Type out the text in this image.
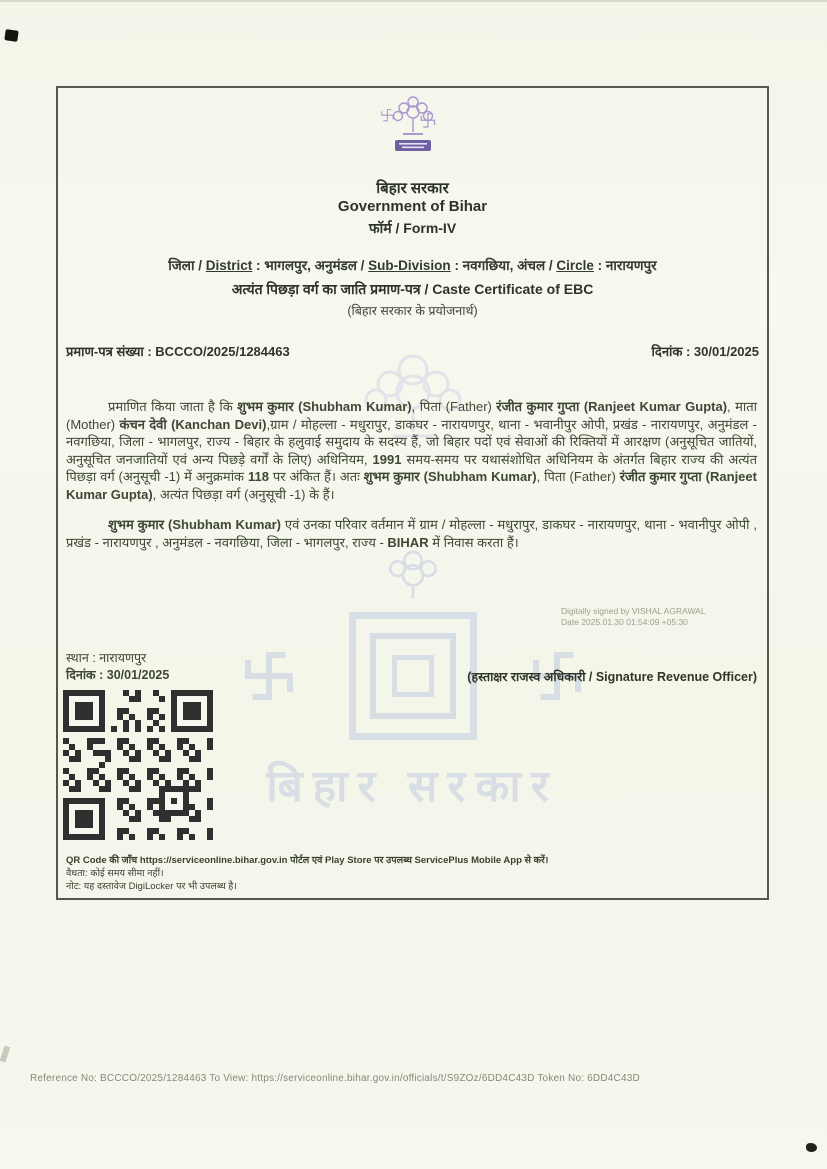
बिहार सरकार
बिहार सरकार
Government of Bihar
फॉर्म / Form-IV
जिला / District : भागलपुर, अनुमंडल / Sub-Division : नवगछिया, अंचल / Circle : नारायणपुर
अत्यंत पिछड़ा वर्ग का जाति प्रमाण-पत्र / Caste Certificate of EBC
(बिहार सरकार के प्रयोजनार्थ)
प्रमाण-पत्र संख्या : BCCCO/2025/1284463	दिनांक : 30/01/2025

प्रमाणित किया जाता है कि शुभम कुमार (Shubham Kumar), पिता (Father) रंजीत कुमार गुप्ता (Ranjeet Kumar Gupta), माता (Mother) कंचन देवी (Kanchan Devi),ग्राम / मोहल्ला - मधुरापुर, डाकघर - नारायणपुर, थाना - भवानीपुर ओपी, प्रखंड - नारायणपुर, अनुमंडल - नवगछिया, जिला - भागलपुर, राज्य - बिहार के हलुवाई समुदाय के सदस्य हैं, जो बिहार पदों एवं सेवाओं की रिक्तियों में आरक्षण (अनुसूचित जातियों, अनुसूचित जनजातियों एवं अन्य पिछड़े वर्गों के लिए) अधिनियम, 1991 समय-समय पर यथासंशोधित अधिनियम के अंतर्गत बिहार राज्य की अत्यंत पिछड़ा वर्ग (अनुसूची -1) में अनुक्रमांक 118 पर अंकित हैं। अतः शुभम कुमार (Shubham Kumar), पिता (Father) रंजीत कुमार गुप्ता (Ranjeet Kumar Gupta), अत्यंत पिछड़ा वर्ग (अनुसूची -1) के हैं।

शुभम कुमार (Shubham Kumar) एवं उनका परिवार वर्तमान में ग्राम / मोहल्ला - मधुरापुर, डाकघर - नारायणपुर, थाना - भवानीपुर ओपी , प्रखंड - नारायणपुर , अनुमंडल - नवगछिया, जिला - भागलपुर, राज्य - BIHAR में निवास करता हैं।

Digitally signed by VISHAL AGRAWAL
Date 2025.01.30 01:54:09 +05:30
स्थान : नारायणपुर
दिनांक : 30/01/2025	(हस्ताक्षर राजस्व अधिकारी / Signature Revenue Officer)
QR Code की जाँच https://serviceonline.bihar.gov.in पोर्टल एवं Play Store पर उपलब्ध ServicePlus Mobile App से करें।
वैधता: कोई समय सीमा नहीं।
नोट: यह दस्तावेज DigiLocker पर भी उपलब्ध है।
Reference No: BCCCO/2025/1284463 To View: https://serviceonline.bihar.gov.in/officials/t/S9ZOz/6DD4C43D Token No: 6DD4C43D
